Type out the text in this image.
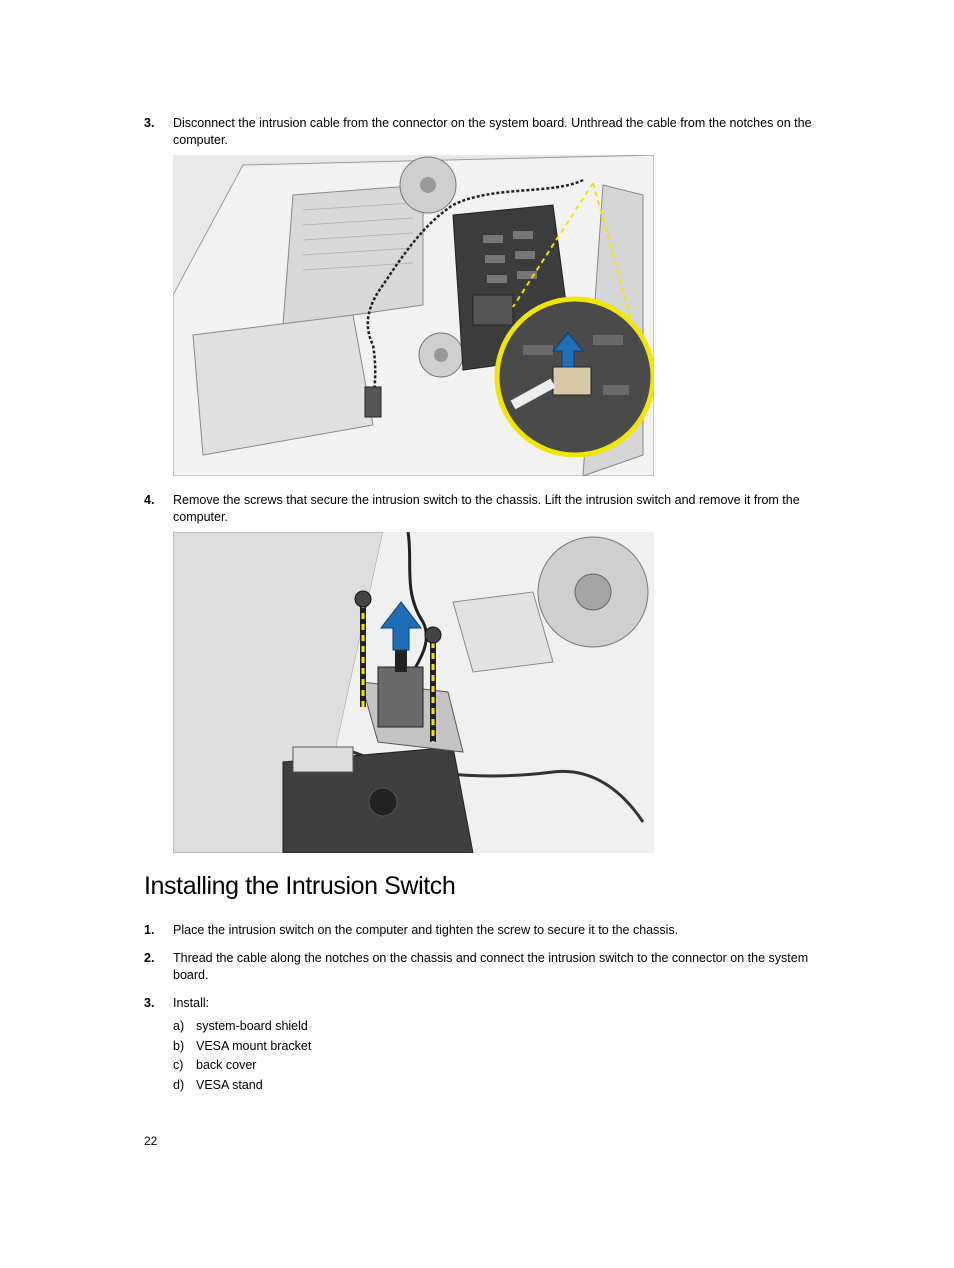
3. Disconnect the intrusion cable from the connector on the system board. Unthread the cable from the notches on the computer.
4. Remove the screws that secure the intrusion switch to the chassis. Lift the intrusion switch and remove it from the computer.
Installing the Intrusion Switch
1. Place the intrusion switch on the computer and tighten the screw to secure it to the chassis.
2. Thread the cable along the notches on the chassis and connect the intrusion switch to the connector on the system board.
3. Install:
a) system-board shield
b) VESA mount bracket
c) back cover
d) VESA stand
22
